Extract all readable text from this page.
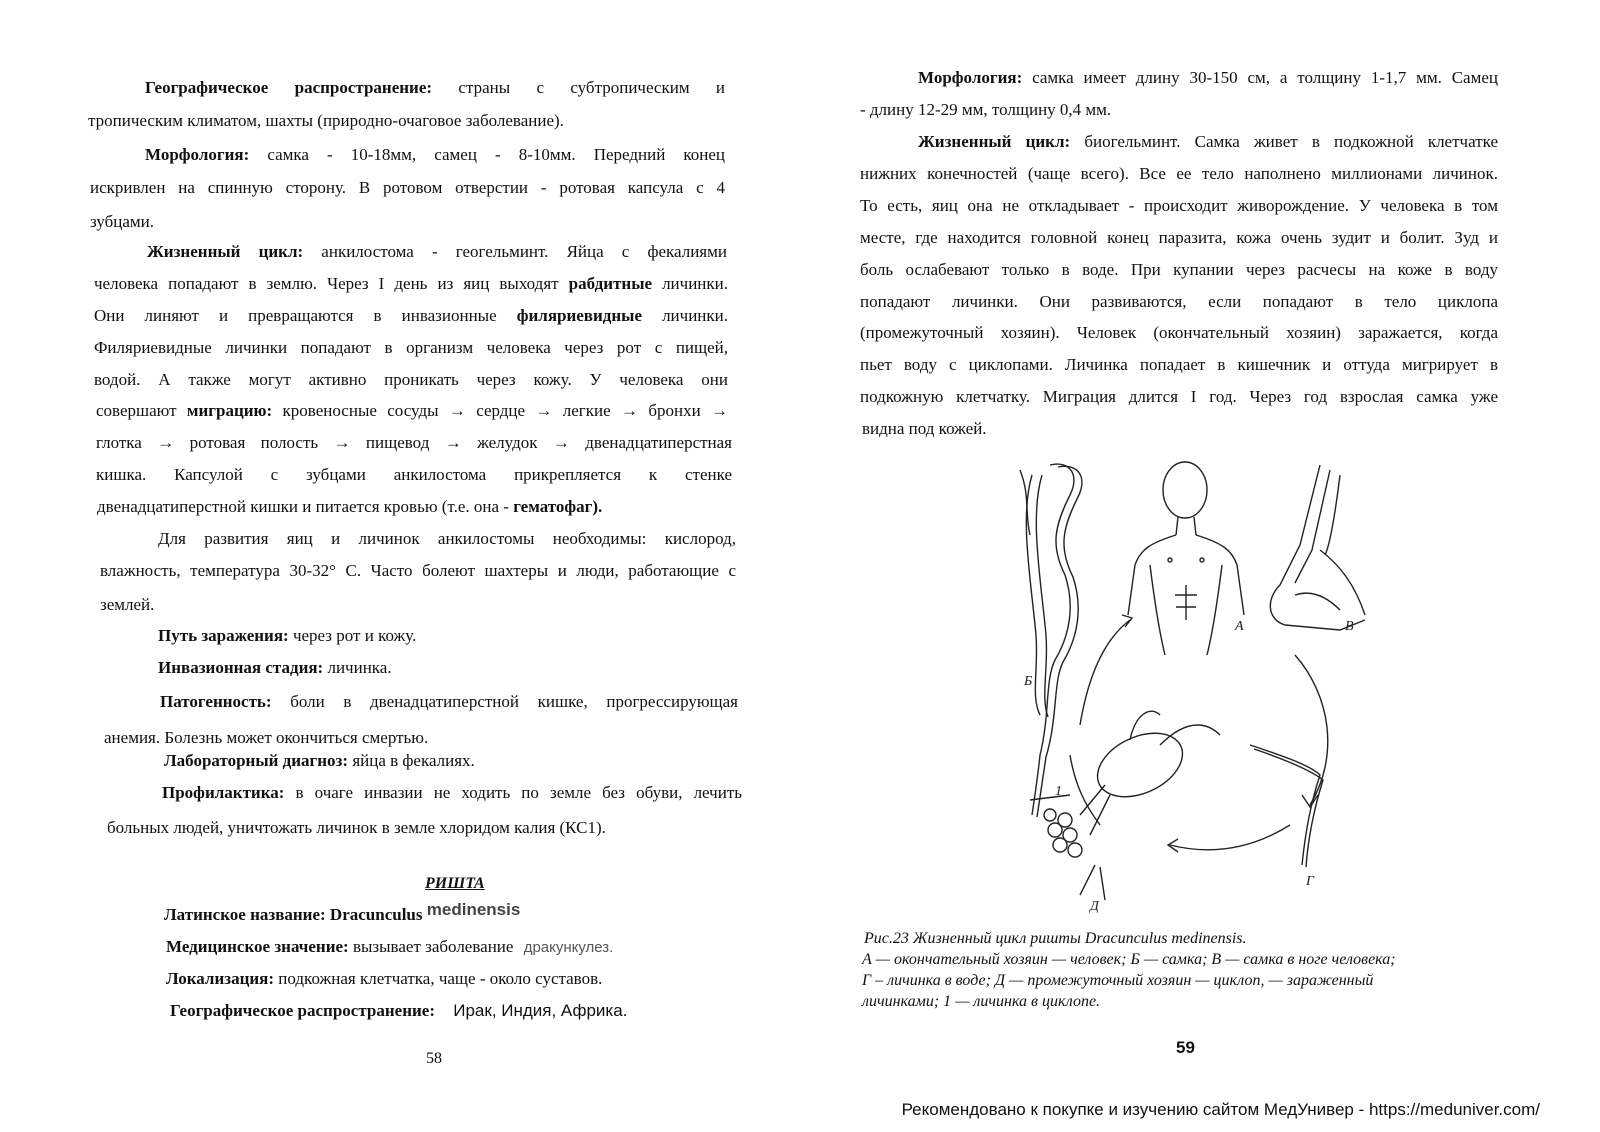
Географическое распространение: страны с субтропическим и
тропическим климатом, шахты (природно-очаговое заболевание).
Морфология: самка - 10-18мм, самец - 8-10мм. Передний конец
искривлен на спинную сторону. В ротовом отверстии - ротовая капсула с 4
зубцами.
Жизненный цикл: анкилостома - геогельминт. Яйца с фекалиями
человека попадают в землю. Через I день из яиц выходят рабдитные личинки.
Они линяют и превращаются в инвазионные филяриевидные личинки.
Филяриевидные личинки попадают в организм человека через рот с пищей,
водой. А также могут активно проникать через кожу. У человека они
совершают миграцию: кровеносные сосуды → сердце → легкие → бронхи →
глотка → ротовая полость → пищевод → желудок → двенадцатиперстная
кишка. Капсулой с зубцами анкилостома прикрепляется к стенке
двенадцатиперстной кишки и питается кровью (т.е. она - гематофаг).
Для развития яиц и личинок анкилостомы необходимы: кислород,
влажность, температура 30-32° С. Часто болеют шахтеры и люди, работающие с
землей.
Путь заражения: через рот и кожу.
Инвазионная стадия: личинка.
Патогенность: боли в двенадцатиперстной кишке, прогрессирующая
анемия. Болезнь может окончиться смертью.
Лабораторный диагноз: яйца в фекалиях.
Профилактика: в очаге инвазии не ходить по земле без обуви, лечить
больных людей, уничтожать личинок в земле хлоридом калия (КС1).
РИШТА
Латинское название: Dracunculus medinensis
Медицинское значение: вызывает заболевание дракункулез.
Локализация: подкожная клетчатка, чаще - около суставов.
Географическое распространение: Ирак, Индия, Африка.
58
Морфология: самка имеет длину 30-150 см, а толщину 1-1,7 мм. Самец
- длину 12-29 мм, толщину 0,4 мм.
Жизненный цикл: биогельминт. Самка живет в подкожной клетчатке
нижних конечностей (чаще всего). Все ее тело наполнено миллионами личинок.
То есть, яиц она не откладывает - происходит живорождение. У человека в том
месте, где находится головной конец паразита, кожа очень зудит и болит. Зуд и
боль ослабевают только в воде. При купании через расчесы на коже в воду
попадают личинки. Они развиваются, если попадают в тело циклопа
(промежуточный хозяин). Человек (окончательный хозяин) заражается, когда
пьет воду с циклопами. Личинка попадает в кишечник и оттуда мигрирует в
подкожную клетчатку. Миграция длится I год. Через год взрослая самка уже
видна под кожей.
А
Б
В
Г
Д
1
Рис.23 Жизненный цикл ришты Dracunculus medinensis.
А — окончательный хозяин — человек; Б — самка; В — самка в ноге человека;
Г – личинка в воде; Д — промежуточный хозяин — циклоп, — зараженный
личинками; 1 — личинка в циклопе.
59
Рекомендовано к покупке и изучению сайтом МедУнивер - https://meduniver.com/
